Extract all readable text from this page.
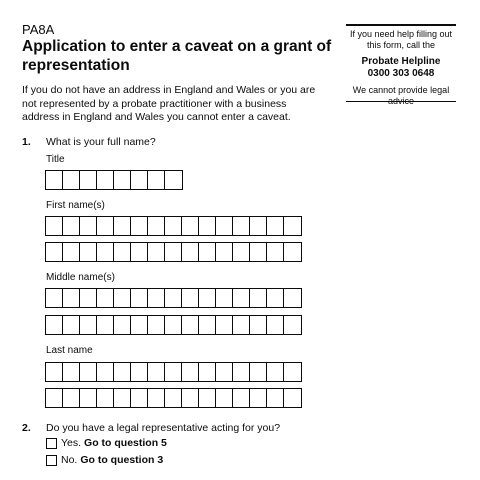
PA8A
Application to enter a caveat on a grant of representation
If you do not have an address in England and Wales or you are not represented by a probate practitioner with a business address in England and Wales you cannot enter a caveat.
If you need help filling out this form, call the
Probate Helpline
0300 303 0648
We cannot provide legal advice
1. What is your full name?
Title
First name(s)
Middle name(s)
Last name
2. Do you have a legal representative acting for you?
Yes. Go to question 5
No. Go to question 3
